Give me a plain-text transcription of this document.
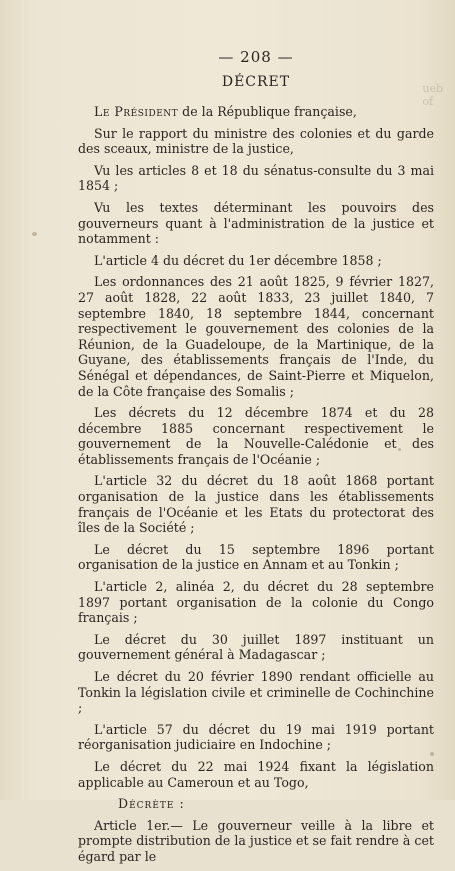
ueb
of
— 208 —
DÉCRET

Le Président de la République française,

Sur le rapport du ministre des colonies et du garde des sceaux, ministre de la justice,

Vu les articles 8 et 18 du sénatus-consulte du 3 mai 1854 ;

Vu les textes déterminant les pouvoirs des gouverneurs quant à l'administration de la justice et notamment :

L'article 4 du décret du 1er décembre 1858 ;

Les ordonnances des 21 août 1825, 9 février 1827, 27 août 1828, 22 août 1833, 23 juillet 1840, 7 septembre 1840, 18 septembre 1844, concernant respectivement le gouvernement des colonies de la Réunion, de la Guadeloupe, de la Martinique, de la Guyane, des établissements français de l'Inde, du Sénégal et dépendances, de Saint-Pierre et Miquelon, de la Côte française des Somalis ;

Les décrets du 12 décembre 1874 et du 28 décembre 1885 concernant respectivement le gouvernement de la Nouvelle-Calédonie et des établissements français de l'Océanie ;

L'article 32 du décret du 18 août 1868 portant organisation de la justice dans les établissements français de l'Océanie et les Etats du protectorat des îles de la Société ;

Le décret du 15 septembre 1896 portant organisation de la justice en Annam et au Tonkin ;

L'article 2, alinéa 2, du décret du 28 septembre 1897 portant organisation de la colonie du Congo français ;

Le décret du 30 juillet 1897 instituant un gouvernement général à Madagascar ;

Le décret du 20 février 1890 rendant officielle au Tonkin la législation civile et criminelle de Cochinchine ;

L'article 57 du décret du 19 mai 1919 portant réorganisation judiciaire en Indochine ;

Le décret du 22 mai 1924 fixant la législation applicable au Cameroun et au Togo,

Décrète :

Article 1er.— Le gouverneur veille à la libre et prompte distribution de la justice et se fait rendre à cet égard par le
